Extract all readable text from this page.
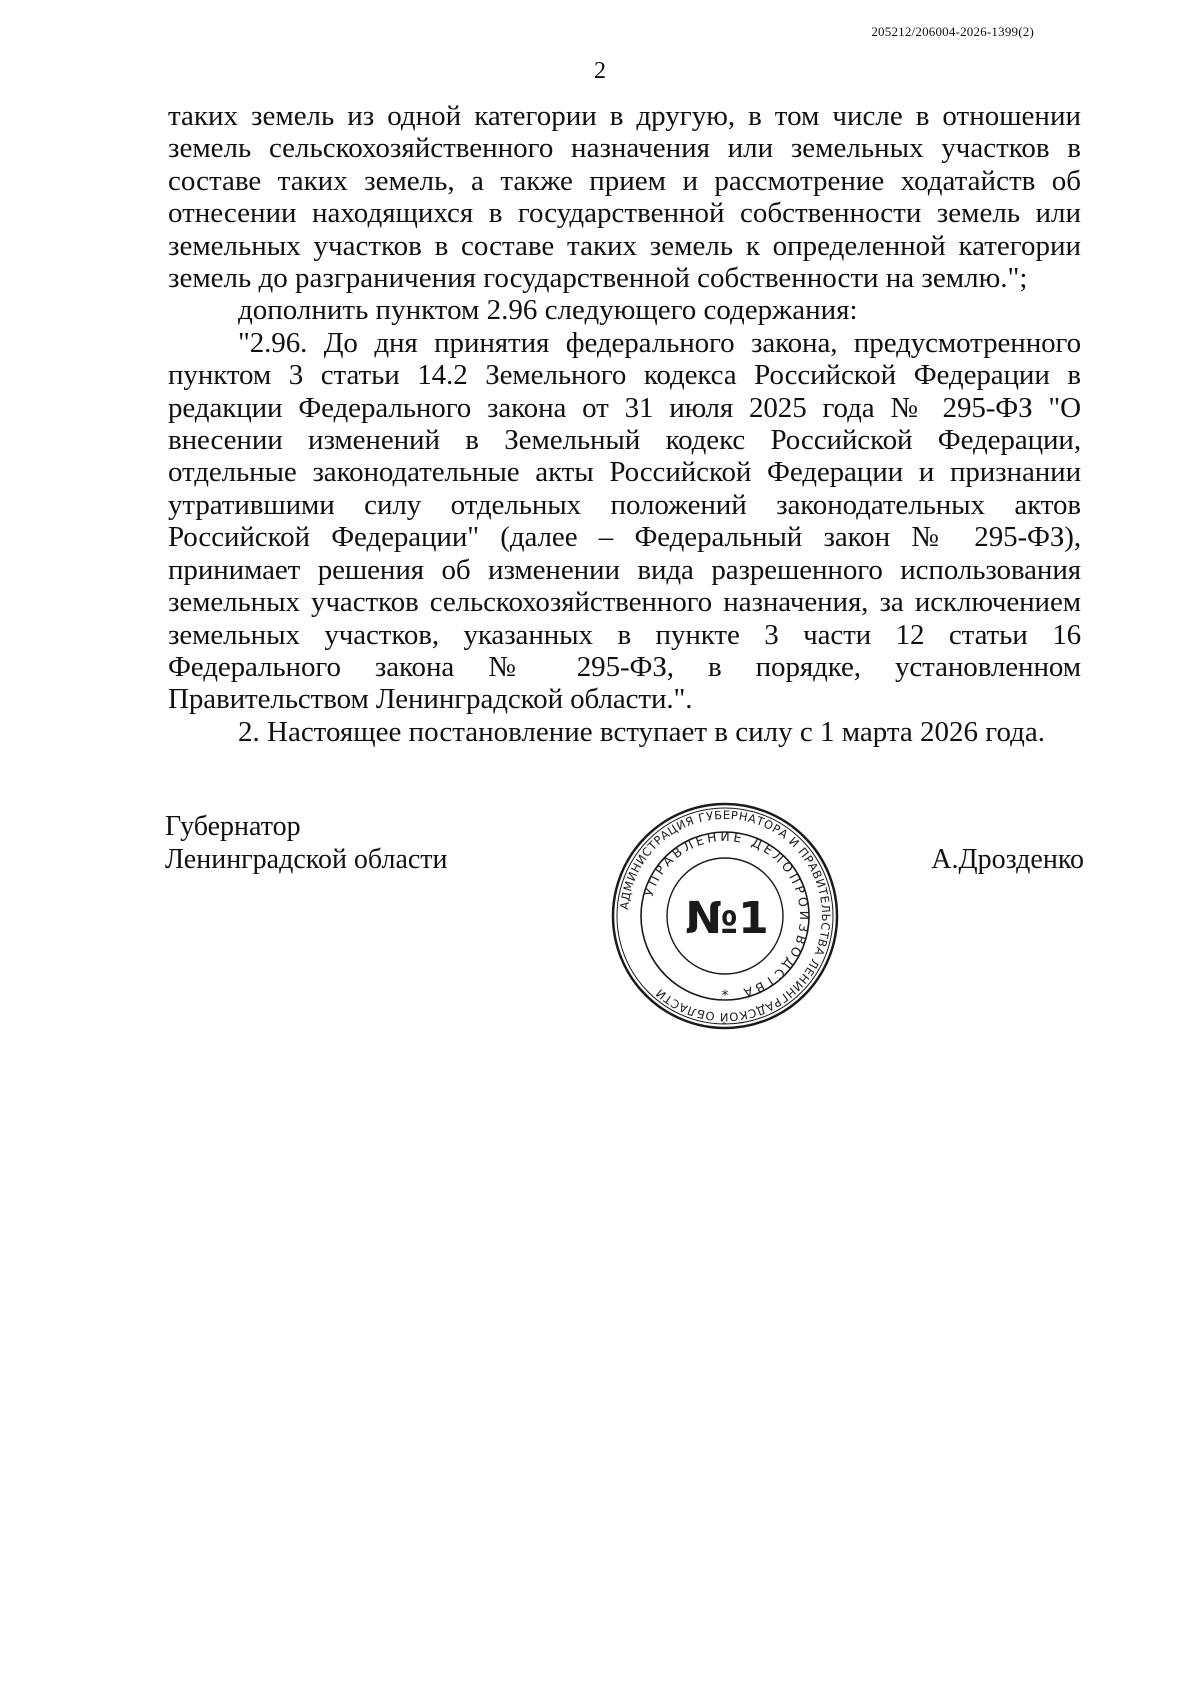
205212/206004-2026-1399(2)
2

таких земель из одной категории в другую, в том числе в отношении земель сельскохозяйственного назначения или земельных участков в составе таких земель, а также прием и рассмотрение ходатайств об отнесении находящихся в государственной собственности земель или земельных участков в составе таких земель к определенной категории земель до разграничения государственной собственности на землю.";

дополнить пунктом 2.96 следующего содержания:

"2.96. До дня принятия федерального закона, предусмотренного пунктом 3 статьи 14.2 Земельного кодекса Российской Федерации в редакции Федерального закона от 31 июля 2025 года № 295-ФЗ "О внесении изменений в Земельный кодекс Российской Федерации, отдельные законодательные акты Российской Федерации и признании утратившими силу отдельных положений законодательных актов Российской Федерации" (далее – Федеральный закон № 295-ФЗ), принимает решения об изменении вида разрешенного использования земельных участков сельскохозяйственного назначения, за исключением земельных участков, указанных в пункте 3 части 12 статьи 16 Федерального закона № 295-ФЗ, в порядке, установленном Правительством Ленинградской области.".

2. Настоящее постановление вступает в силу с 1 марта 2026 года.

Губернатор
Ленинградской области
АДМИНИСТРАЦИЯ ГУБЕРНАТОРА И ПРАВИТЕЛЬСТВА ЛЕНИНГРАДСКОЙ ОБЛАСТИ
УПРАВЛЕНИЕ ДЕЛОПРОИЗВОДСТВА
*
№1
А.Дрозденко
